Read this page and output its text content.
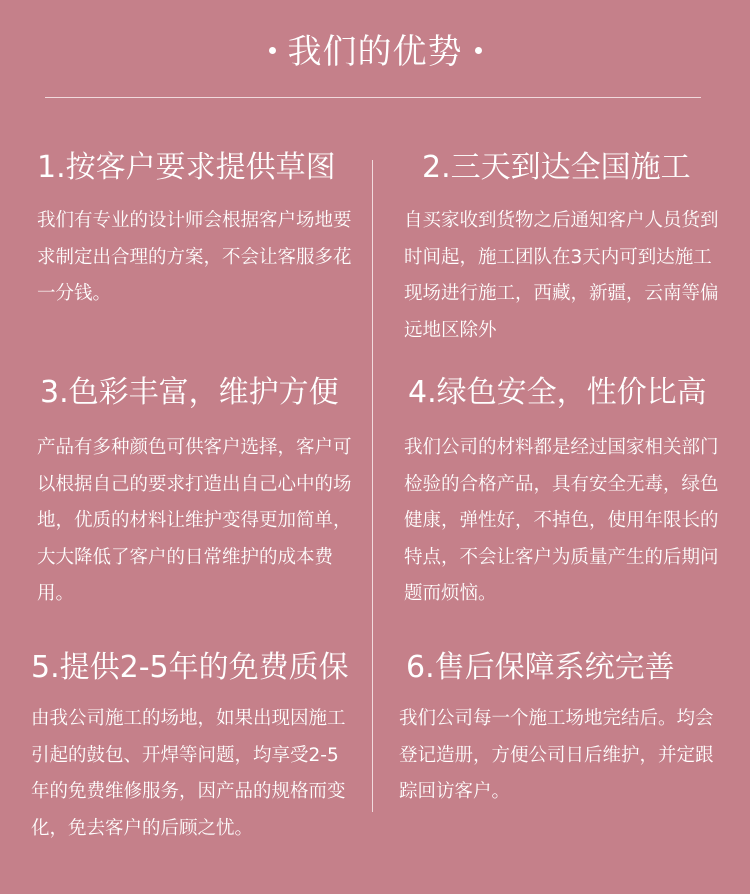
我们的优势
1.按客户要求提供草图

我们有专业的设计师会根据客户场地要求制定出合理的方案，不会让客服多花一分钱。

2.三天到达全国施工

自买家收到货物之后通知客户人员货到时间起，施工团队在3天内可到达施工现场进行施工，西藏，新疆，云南等偏远地区除外

3.色彩丰富，维护方便

产品有多种颜色可供客户选择，客户可以根据自己的要求打造出自己心中的场地，优质的材料让维护变得更加简单，大大降低了客户的日常维护的成本费用。

4.绿色安全，性价比高

我们公司的材料都是经过国家相关部门检验的合格产品，具有安全无毒，绿色健康，弹性好，不掉色，使用年限长的特点，不会让客户为质量产生的后期问题而烦恼。

5.提供2-5年的免费质保

由我公司施工的场地，如果出现因施工引起的鼓包、开焊等问题，均享受2-5年的免费维修服务，因产品的规格而变化，免去客户的后顾之忧。

6.售后保障系统完善

我们公司每一个施工场地完结后。均会登记造册，方便公司日后维护，并定跟踪回访客户。
